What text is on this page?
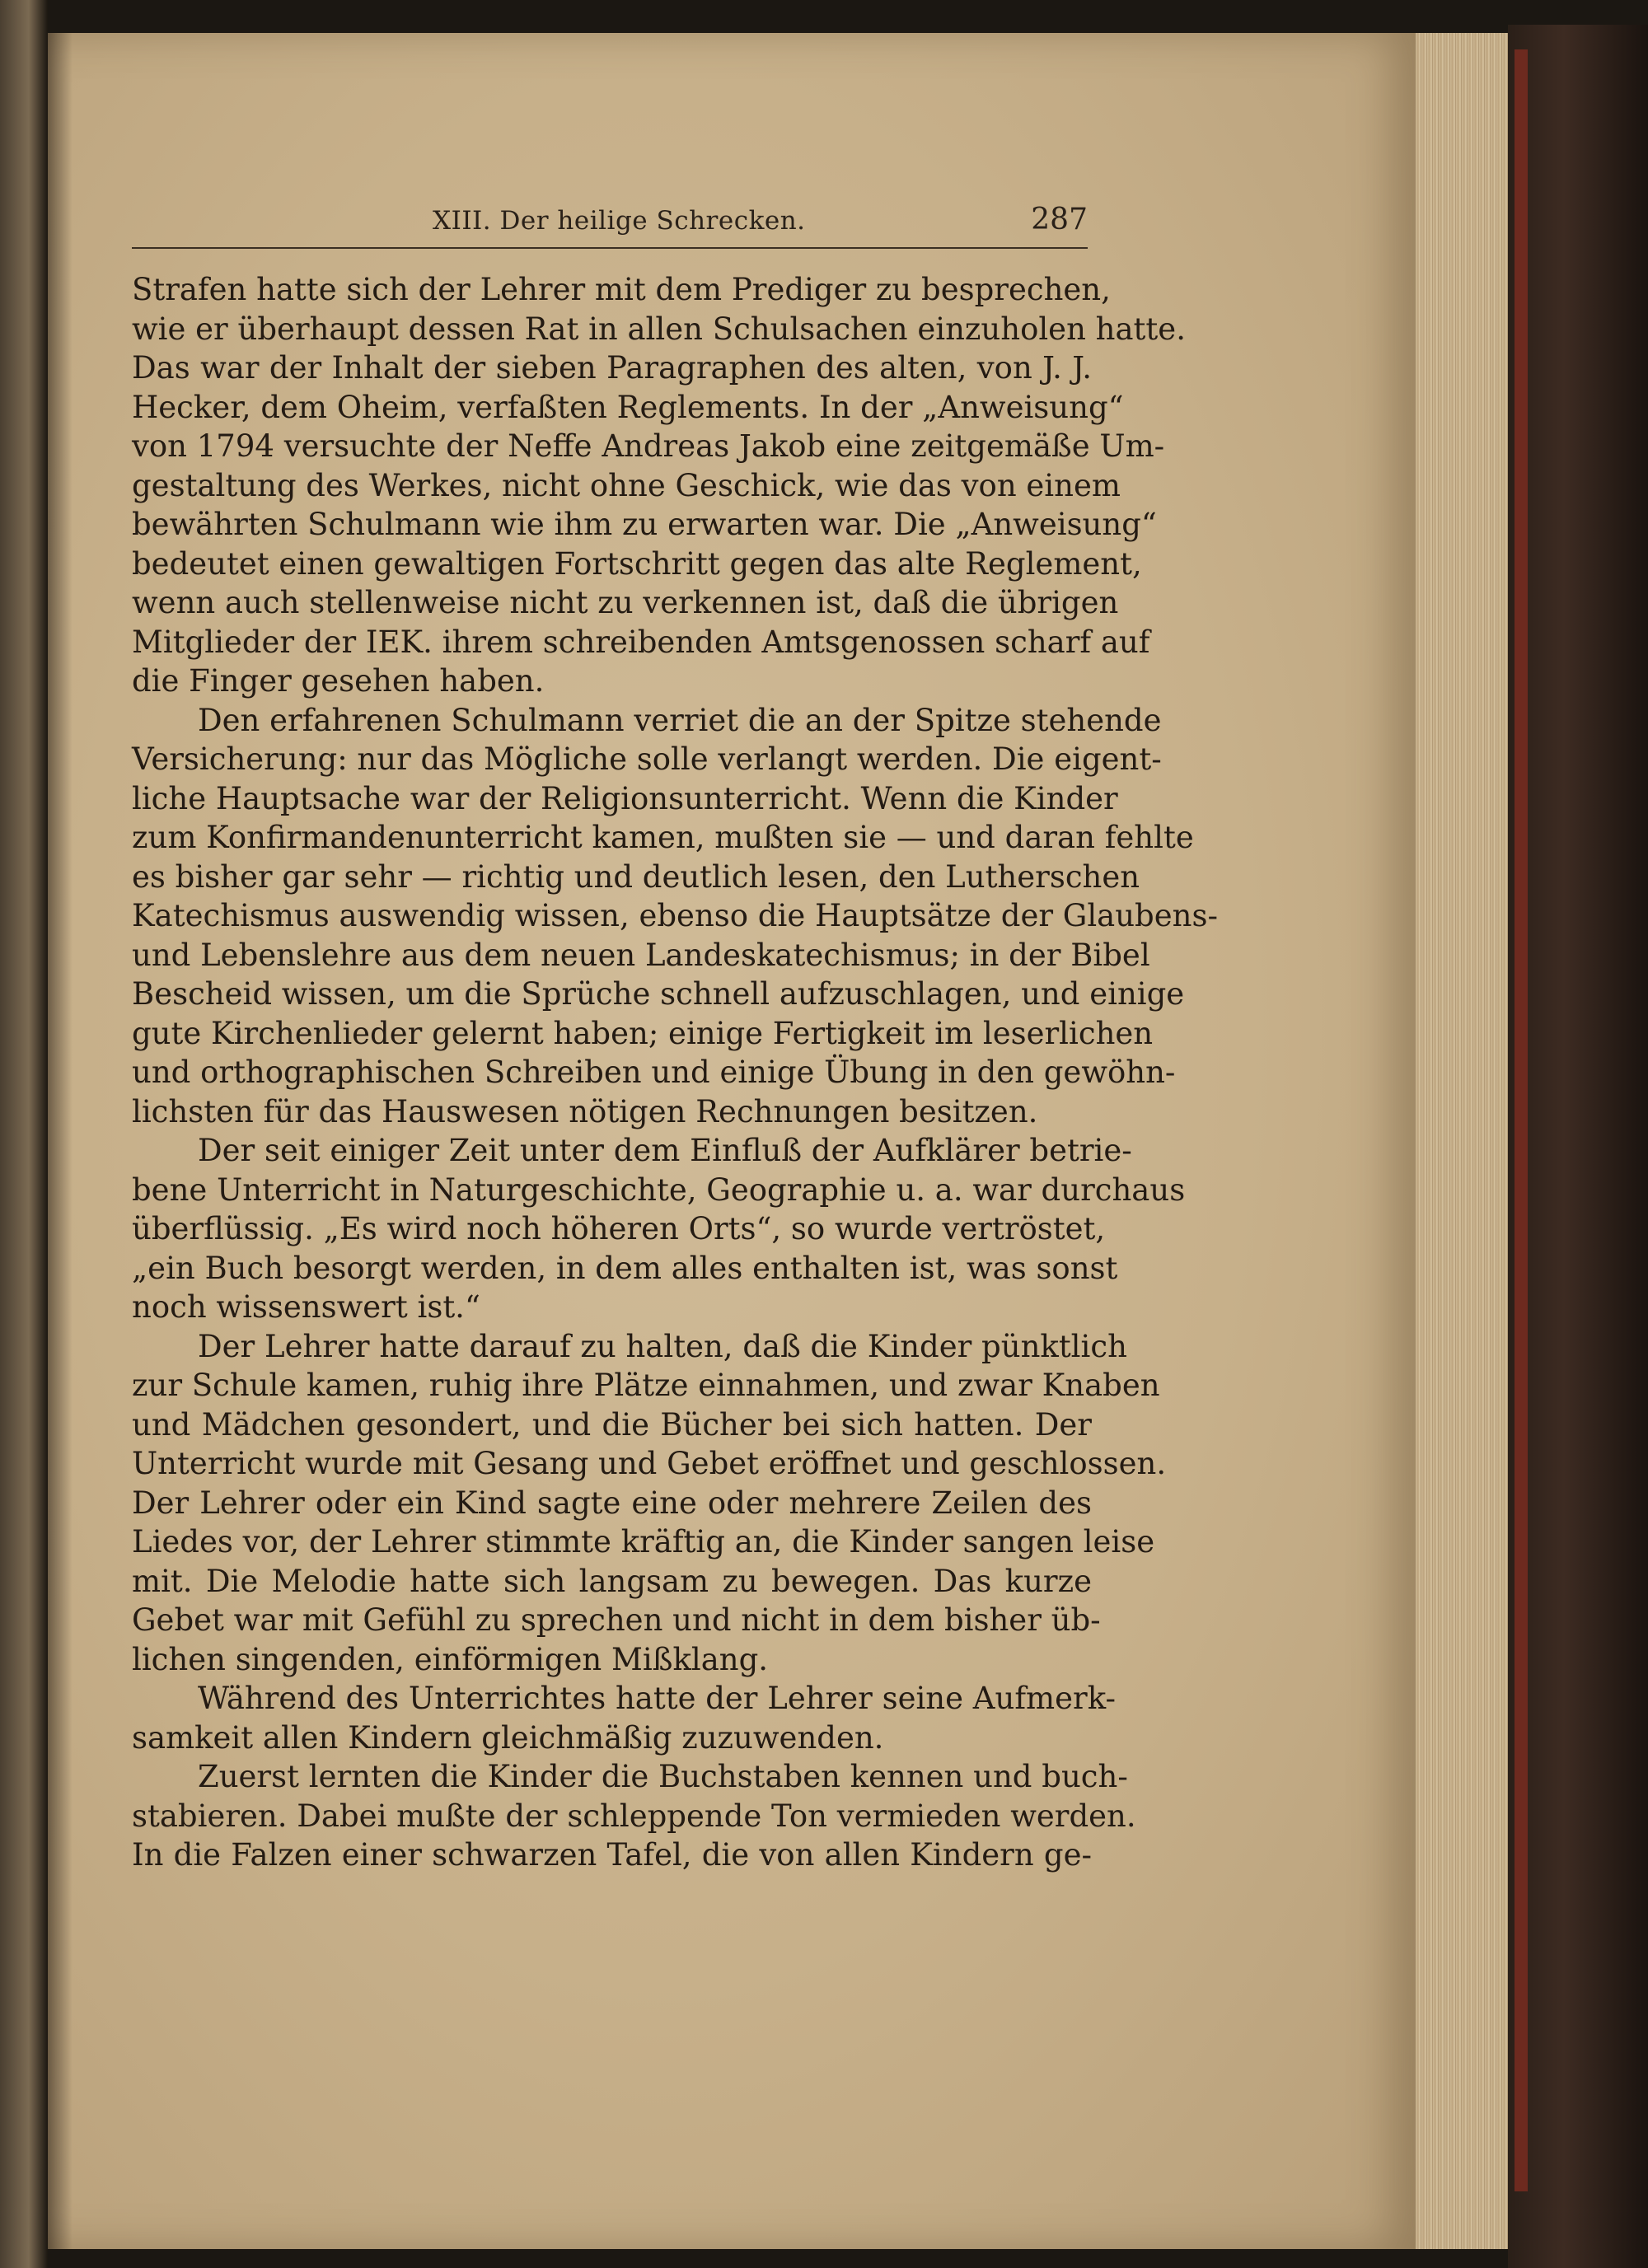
XIII. Der heilige Schrecken.	287
Strafen hatte sich der Lehrer mit dem Prediger zu besprechen,
wie er überhaupt dessen Rat in allen Schulsachen einzuholen hatte.
Das war der Inhalt der sieben Paragraphen des alten, von J. J.
Hecker, dem Oheim, verfaßten Reglements. In der „Anweisung“
von 1794 versuchte der Neffe Andreas Jakob eine zeitgemäße Um-
gestaltung des Werkes, nicht ohne Geschick, wie das von einem
bewährten Schulmann wie ihm zu erwarten war. Die „Anweisung“
bedeutet einen gewaltigen Fortschritt gegen das alte Reglement,
wenn auch stellenweise nicht zu verkennen ist, daß die übrigen
Mitglieder der IEK. ihrem schreibenden Amtsgenossen scharf auf
die Finger gesehen haben.
Den erfahrenen Schulmann verriet die an der Spitze stehende
Versicherung: nur das Mögliche solle verlangt werden. Die eigent-
liche Hauptsache war der Religionsunterricht. Wenn die Kinder
zum Konfirmandenunterricht kamen, mußten sie — und daran fehlte
es bisher gar sehr — richtig und deutlich lesen, den Lutherschen
Katechismus auswendig wissen, ebenso die Hauptsätze der Glaubens-
und Lebenslehre aus dem neuen Landeskatechismus; in der Bibel
Bescheid wissen, um die Sprüche schnell aufzuschlagen, und einige
gute Kirchenlieder gelernt haben; einige Fertigkeit im leserlichen
und orthographischen Schreiben und einige Übung in den gewöhn-
lichsten für das Hauswesen nötigen Rechnungen besitzen.
Der seit einiger Zeit unter dem Einfluß der Aufklärer betrie-
bene Unterricht in Naturgeschichte, Geographie u. a. war durchaus
überflüssig. „Es wird noch höheren Orts“, so wurde vertröstet,
„ein Buch besorgt werden, in dem alles enthalten ist, was sonst
noch wissenswert ist.“
Der Lehrer hatte darauf zu halten, daß die Kinder pünktlich
zur Schule kamen, ruhig ihre Plätze einnahmen, und zwar Knaben
und Mädchen gesondert, und die Bücher bei sich hatten. Der
Unterricht wurde mit Gesang und Gebet eröffnet und geschlossen.
Der Lehrer oder ein Kind sagte eine oder mehrere Zeilen des
Liedes vor, der Lehrer stimmte kräftig an, die Kinder sangen leise
mit. Die Melodie hatte sich langsam zu bewegen. Das kurze
Gebet war mit Gefühl zu sprechen und nicht in dem bisher üb-
lichen singenden, einförmigen Mißklang.
Während des Unterrichtes hatte der Lehrer seine Aufmerk-
samkeit allen Kindern gleichmäßig zuzuwenden.
Zuerst lernten die Kinder die Buchstaben kennen und buch-
stabieren. Dabei mußte der schleppende Ton vermieden werden.
In die Falzen einer schwarzen Tafel, die von allen Kindern ge-
